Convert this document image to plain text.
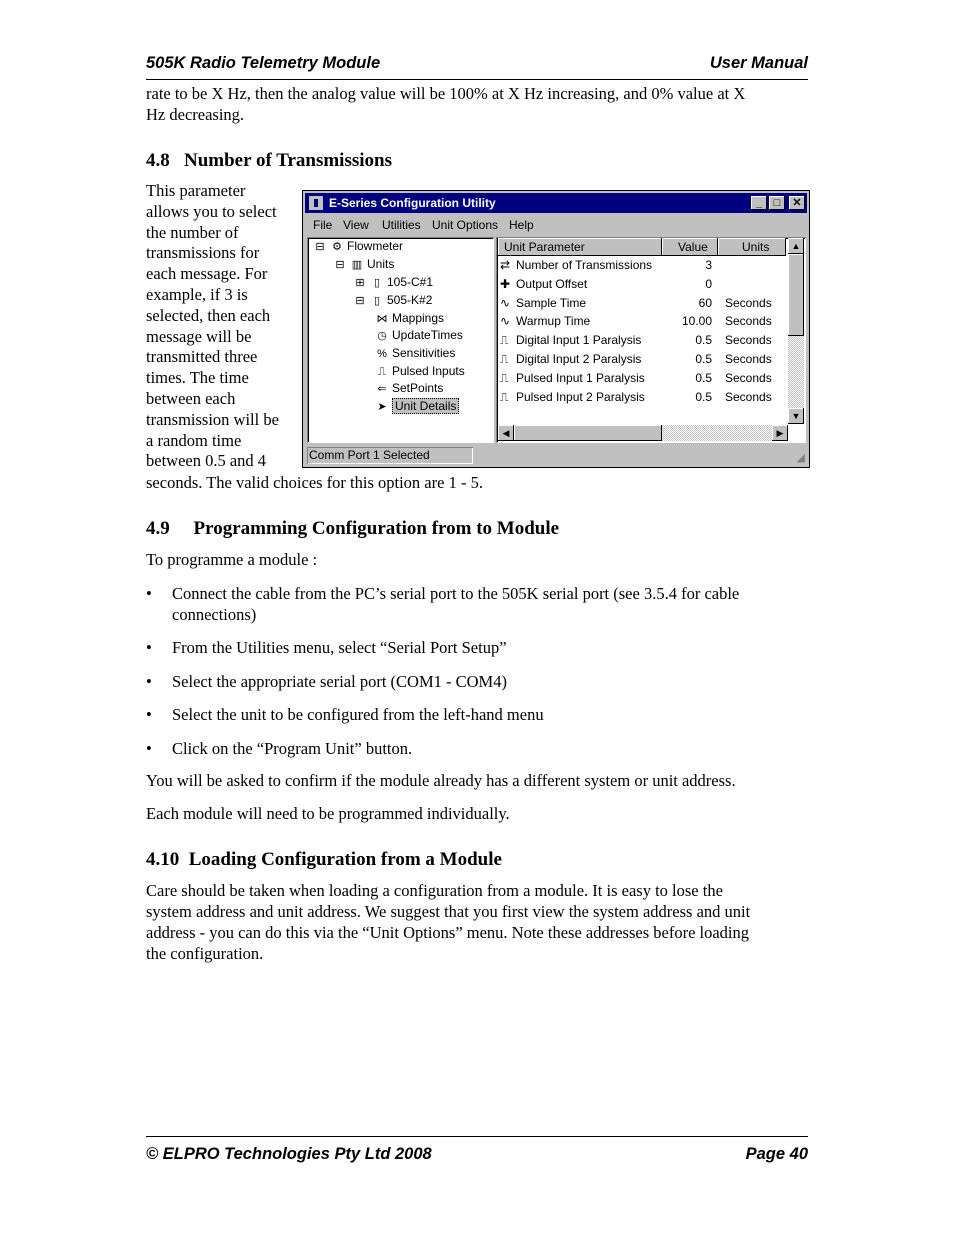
505K Radio Telemetry Module	User Manual
rate to be X Hz, then the analog value will be 100% at X Hz increasing, and 0% value at X
Hz decreasing.
4.8 Number of Transmissions
This parameter
allows you to select
the number of
transmissions for
each message. For
example, if 3 is
selected, then each
message will be
transmitted three
times. The time
between each
transmission will be
a random time
between 0.5 and 4
seconds. The valid choices for this option are 1 - 5.
E-Series Configuration Utility	_	□	✕
File View Utilities Unit Options Help
⊟ ⚙ Flowmeter
⊟ ▥ Units
⊞ ▯ 105-C#1
⊟ ▯ 505-K#2
⋈ Mappings
◷ UpdateTimes
% Sensitivities
⎍ Pulsed Inputs
⇐ SetPoints
➤ Unit Details
Unit Parameter	Value	Units
⇄ Number of Transmissions	3
✚ Output Offset	0
∿ Sample Time	60 Seconds
∿ Warmup Time	10.00 Seconds
⎍ Digital Input 1 Paralysis	0.5 Seconds
⎍ Digital Input 2 Paralysis	0.5 Seconds
⎍ Pulsed Input 1 Paralysis	0.5 Seconds
⎍ Pulsed Input 2 Paralysis	0.5 Seconds
▲
▼
◀	▶
Comm Port 1 Selected	◢
4.9 Programming Configuration from to Module
To programme a module :
• Connect the cable from the PC’s serial port to the 505K serial port (see 3.5.4 for cable
connections)
• From the Utilities menu, select “Serial Port Setup”
• Select the appropriate serial port (COM1 - COM4)
• Select the unit to be configured from the left-hand menu
• Click on the “Program Unit” button.
You will be asked to confirm if the module already has a different system or unit address.
Each module will need to be programmed individually.
4.10 Loading Configuration from a Module
Care should be taken when loading a configuration from a module. It is easy to lose the
system address and unit address. We suggest that you first view the system address and unit
address - you can do this via the “Unit Options” menu. Note these addresses before loading
the configuration.
© ELPRO Technologies Pty Ltd 2008	Page 40
